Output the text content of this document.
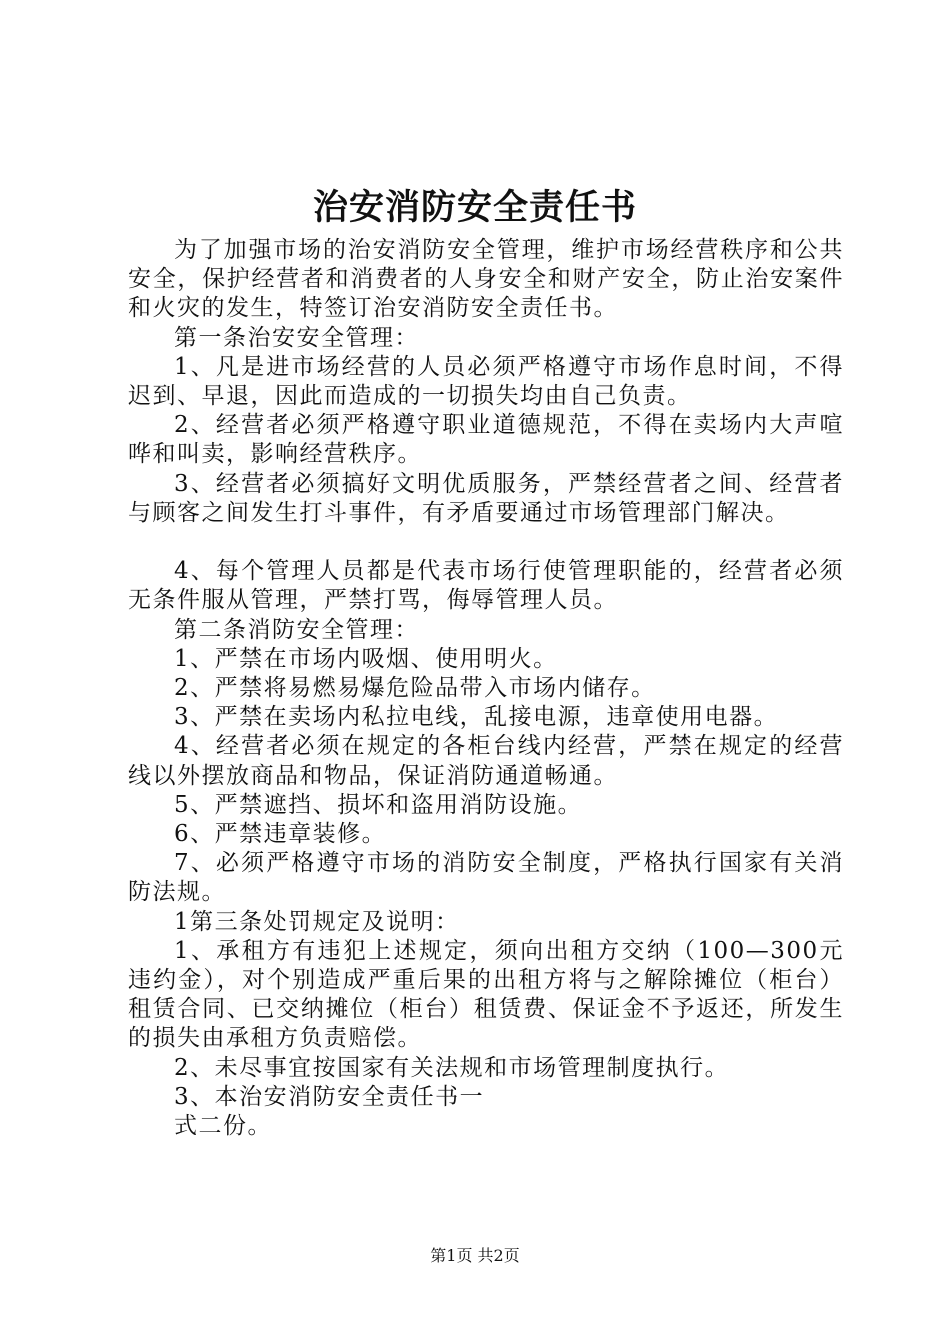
治安消防安全责任书

为了加强市场的治安消防安全管理，维护市场经营秩序和公共安全，保护经营者和消费者的人身安全和财产安全，防止治安案件和火灾的发生，特签订治安消防安全责任书。

第一条治安安全管理：

1、凡是进市场经营的人员必须严格遵守市场作息时间，不得迟到、早退，因此而造成的一切损失均由自己负责。

2、经营者必须严格遵守职业道德规范，不得在卖场内大声喧哗和叫卖，影响经营秩序。

3、经营者必须搞好文明优质服务，严禁经营者之间、经营者与顾客之间发生打斗事件，有矛盾要通过市场管理部门解决。

4、每个管理人员都是代表市场行使管理职能的，经营者必须无条件服从管理，严禁打骂，侮辱管理人员。

第二条消防安全管理：

1、严禁在市场内吸烟、使用明火。

2、严禁将易燃易爆危险品带入市场内储存。

3、严禁在卖场内私拉电线，乱接电源，违章使用电器。

4、经营者必须在规定的各柜台线内经营，严禁在规定的经营线以外摆放商品和物品，保证消防通道畅通。

5、严禁遮挡、损坏和盗用消防设施。

6、严禁违章装修。

7、必须严格遵守市场的消防安全制度，严格执行国家有关消防法规。

1第三条处罚规定及说明：

1、承租方有违犯上述规定，须向出租方交纳（100—300元违约金），对个别造成严重后果的出租方将与之解除摊位（柜台）租赁合同、已交纳摊位（柜台）租赁费、保证金不予返还，所发生的损失由承租方负责赔偿。

2、未尽事宜按国家有关法规和市场管理制度执行。

3、本治安消防安全责任书一

式二份。

第1页 共2页
